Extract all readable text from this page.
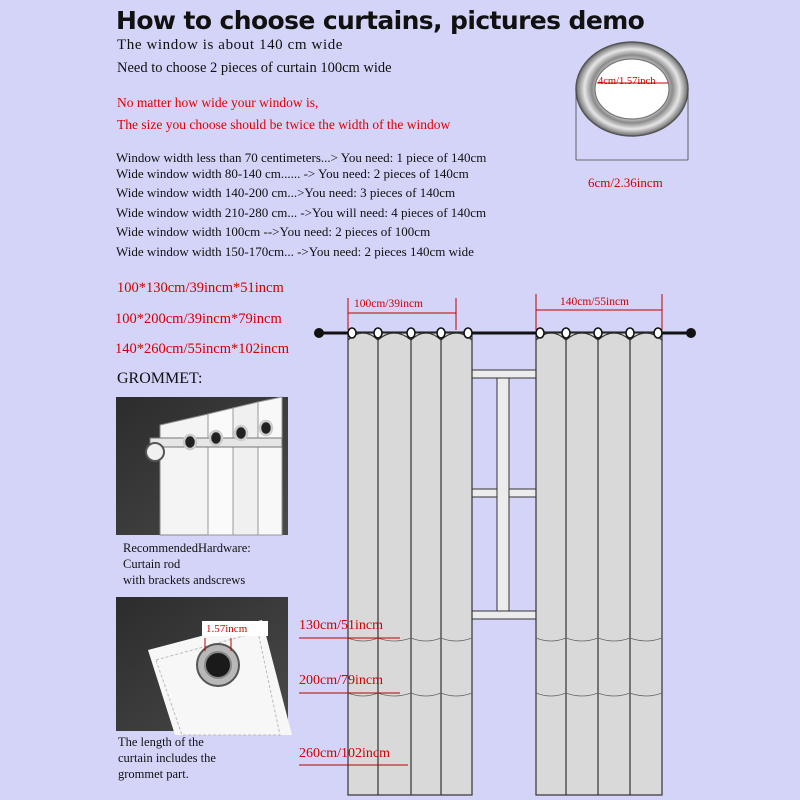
How to choose curtains, pictures demo
The window is about 140 cm wide
Need to choose 2 pieces of curtain 100cm wide
No matter how wide your window is,
The size you choose should be twice the width of the window
Window width less than 70 centimeters...> You need: 1 piece of 140cm
Wide window width 80-140 cm...... -> You need: 2 pieces of 140cm
Wide window width 140-200 cm...>You need: 3 pieces of 140cm
Wide window width 210-280 cm... ->You will need: 4 pieces of 140cm
Wide window width 100cm -->You need: 2 pieces of 100cm
Wide window width 150-170cm... ->You need: 2 pieces 140cm wide
4cm/1.57inch
6cm/2.36incm
100*130cm/39incm*51incm
100*200cm/39incm*79incm
140*260cm/55incm*102incm
GROMMET:
100cm/39incm	140cm/55incm
RecommendedHardware:
Curtain rod
with brackets andscrews
1.57incm
The length of the
curtain includes the
grommet part.
130cm/51incm
200cm/79incm
260cm/102incm
